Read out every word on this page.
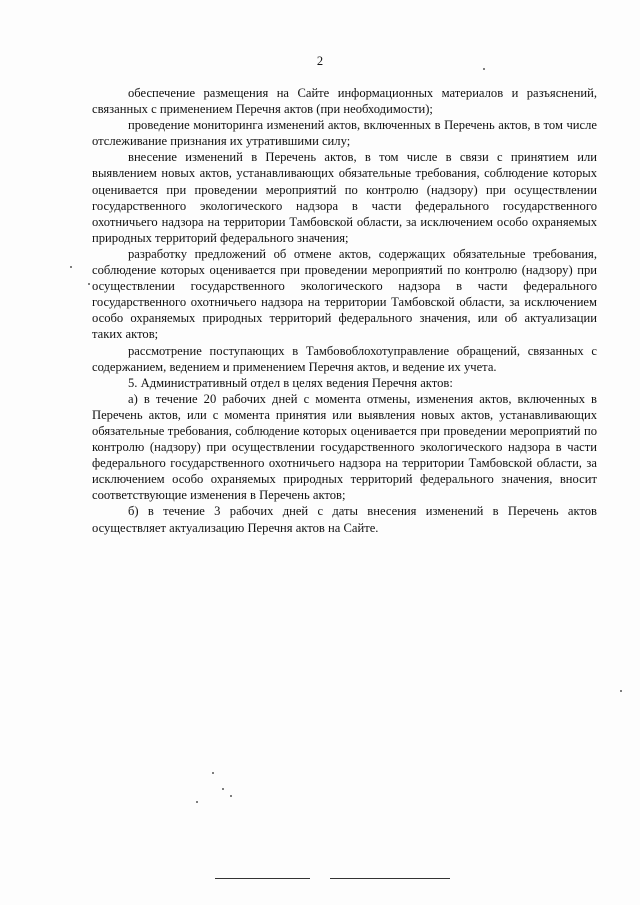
2

обеспечение размещения на Сайте информационных материалов и разъяснений, связанных с применением Перечня актов (при необходимости);

проведение мониторинга изменений актов, включенных в Перечень актов, в том числе отслеживание признания их утратившими силу;

внесение изменений в Перечень актов, в том числе в связи с принятием или выявлением новых актов, устанавливающих обязательные требования, соблюдение которых оценивается при проведении мероприятий по контролю (надзору) при осуществлении государственного экологического надзора в части федерального государственного охотничьего надзора на территории Тамбовской области, за исключением особо охраняемых природных территорий федерального значения;

разработку предложений об отмене актов, содержащих обязательные требования, соблюдение которых оценивается при проведении мероприятий по контролю (надзору) при осуществлении государственного экологического надзора в части федерального государственного охотничьего надзора на территории Тамбовской области, за исключением особо охраняемых природных территорий федерального значения, или об актуализации таких актов;

рассмотрение поступающих в Тамбовоблохотуправление обращений, связанных с содержанием, ведением и применением Перечня актов, и ведение их учета.

5. Административный отдел в целях ведения Перечня актов:

а) в течение 20 рабочих дней с момента отмены, изменения актов, включенных в Перечень актов, или с момента принятия или выявления новых актов, устанавливающих обязательные требования, соблюдение которых оценивается при проведении мероприятий по контролю (надзору) при осуществлении государственного экологического надзора в части федерального государственного охотничьего надзора на территории Тамбовской области, за исключением особо охраняемых природных территорий федерального значения, вносит соответствующие изменения в Перечень актов;

б) в течение 3 рабочих дней с даты внесения изменений в Перечень актов осуществляет актуализацию Перечня актов на Сайте.
